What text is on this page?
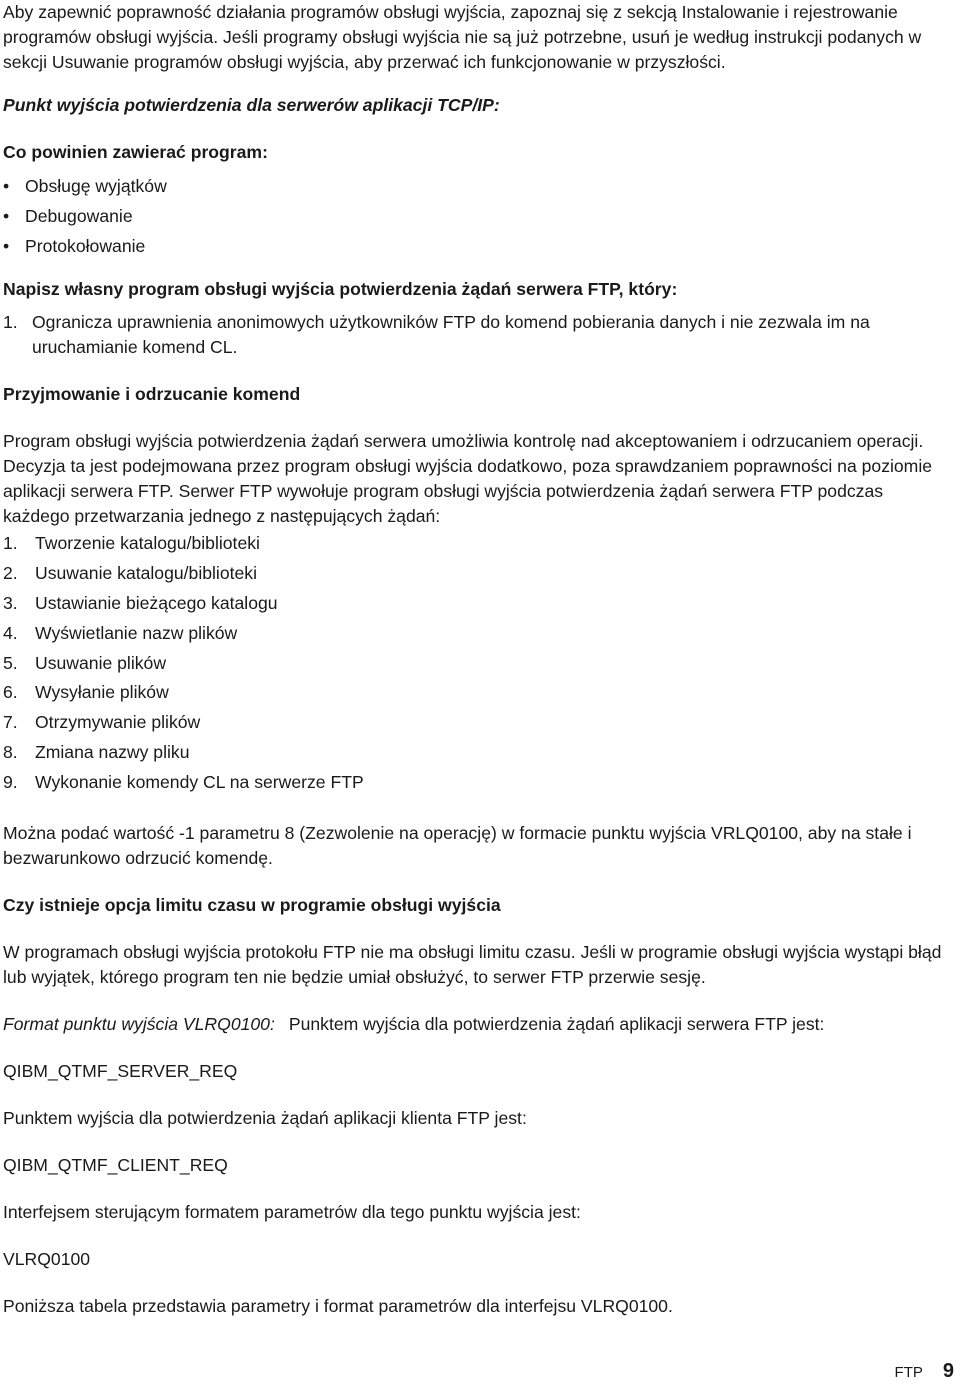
Aby zapewnić poprawność działania programów obsługi wyjścia, zapoznaj się z sekcją Instalowanie i rejestrowanie programów obsługi wyjścia. Jeśli programy obsługi wyjścia nie są już potrzebne, usuń je według instrukcji podanych w sekcji Usuwanie programów obsługi wyjścia, aby przerwać ich funkcjonowanie w przyszłości.

Punkt wyjścia potwierdzenia dla serwerów aplikacji TCP/IP:

Co powinien zawierać program:

• Obsługę wyjątków
• Debugowanie
• Protokołowanie

Napisz własny program obsługi wyjścia potwierdzenia żądań serwera FTP, który:

1. Ogranicza uprawnienia anonimowych użytkowników FTP do komend pobierania danych i nie zezwala im na uruchamianie komend CL.

Przyjmowanie i odrzucanie komend

Program obsługi wyjścia potwierdzenia żądań serwera umożliwia kontrolę nad akceptowaniem i odrzucaniem operacji. Decyzja ta jest podejmowana przez program obsługi wyjścia dodatkowo, poza sprawdzaniem poprawności na poziomie aplikacji serwera FTP. Serwer FTP wywołuje program obsługi wyjścia potwierdzenia żądań serwera FTP podczas każdego przetwarzania jednego z następujących żądań:

1. Tworzenie katalogu/biblioteki
2. Usuwanie katalogu/biblioteki
3. Ustawianie bieżącego katalogu
4. Wyświetlanie nazw plików
5. Usuwanie plików
6. Wysyłanie plików
7. Otrzymywanie plików
8. Zmiana nazwy pliku
9. Wykonanie komendy CL na serwerze FTP

Można podać wartość -1 parametru 8 (Zezwolenie na operację) w formacie punktu wyjścia VRLQ0100, aby na stałe i bezwarunkowo odrzucić komendę.

Czy istnieje opcja limitu czasu w programie obsługi wyjścia

W programach obsługi wyjścia protokołu FTP nie ma obsługi limitu czasu. Jeśli w programie obsługi wyjścia wystąpi błąd lub wyjątek, którego program ten nie będzie umiał obsłużyć, to serwer FTP przerwie sesję.

Format punktu wyjścia VLRQ0100: Punktem wyjścia dla potwierdzenia żądań aplikacji serwera FTP jest:

QIBM_QTMF_SERVER_REQ

Punktem wyjścia dla potwierdzenia żądań aplikacji klienta FTP jest:

QIBM_QTMF_CLIENT_REQ

Interfejsem sterującym formatem parametrów dla tego punktu wyjścia jest:

VLRQ0100

Poniższa tabela przedstawia parametry i format parametrów dla interfejsu VLRQ0100.

FTP 9
